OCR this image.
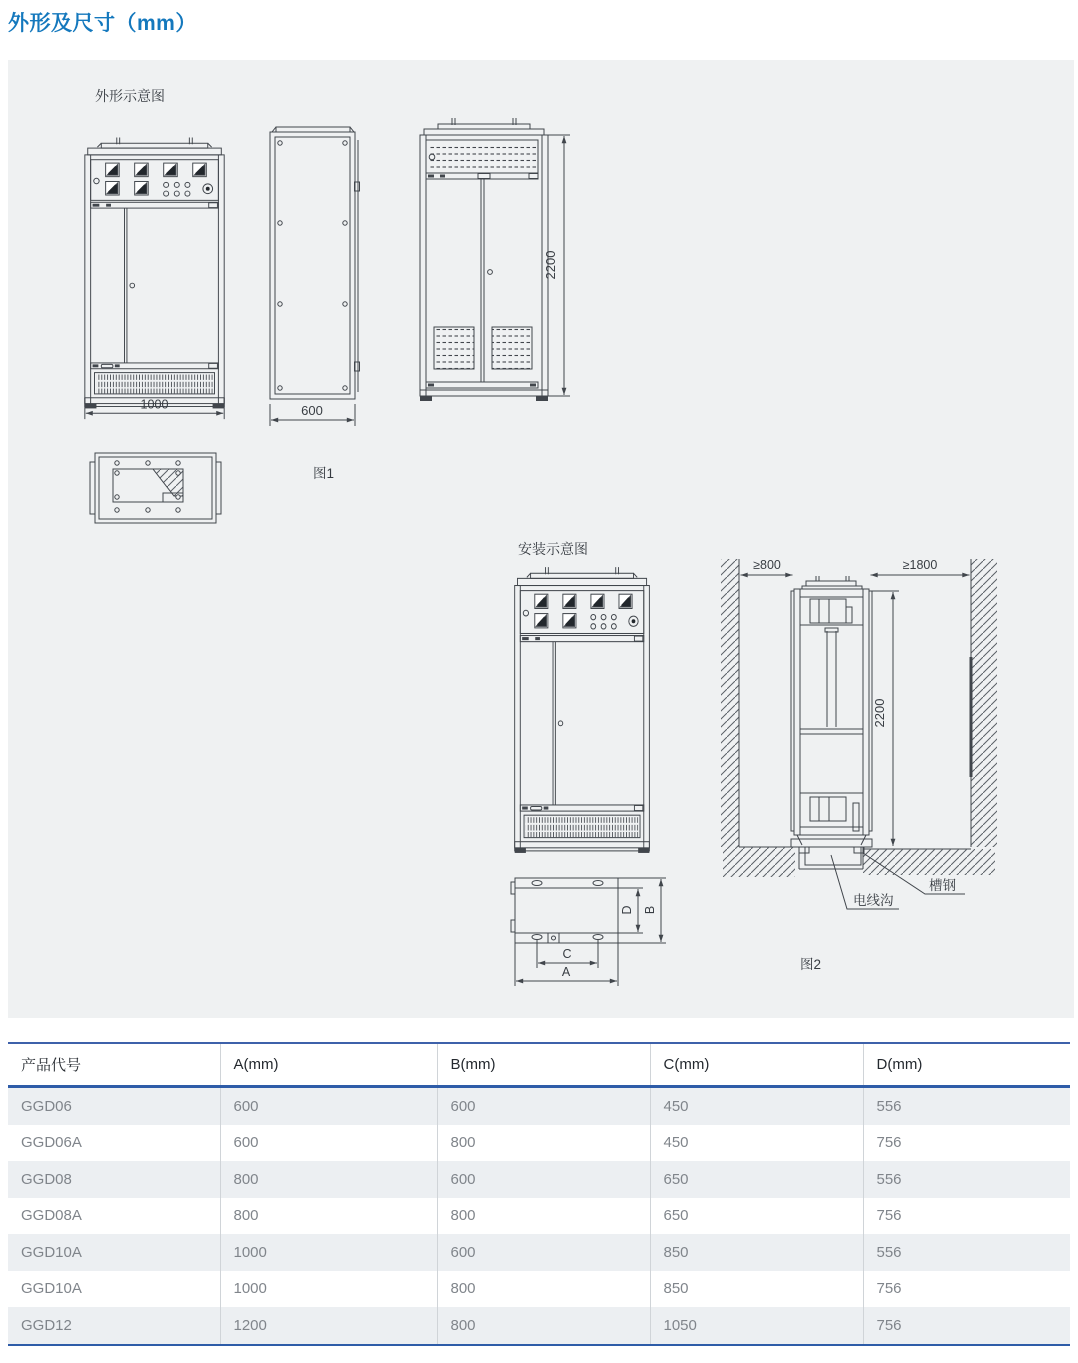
外形及尺寸（mm）
外形示意图
1000	600
2200
图1
安装示意图
≥800	≥1800
2200
电线沟
槽钢
D B
C
A	图2
产品代号	A(mm)	B(mm)	C(mm)	D(mm)
GGD06	600	600	450	556
GGD06A	600	800	450	756
GGD08	800	600	650	556
GGD08A	800	800	650	756
GGD10A	1000	600	850	556
GGD10A	1000	800	850	756
GGD12	1200	800	1050	756
